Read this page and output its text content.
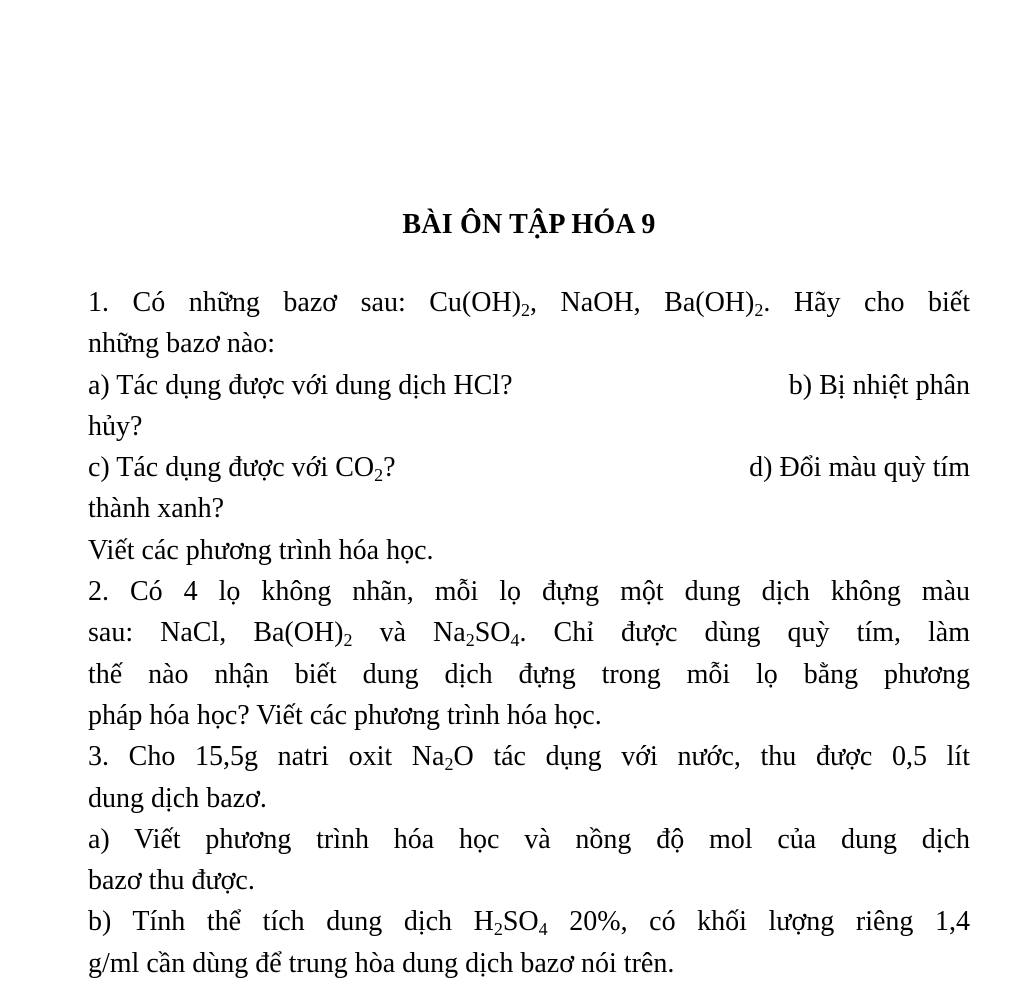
BÀI ÔN TẬP HÓA 9
1. Có những bazơ sau: $Cu(OH)_2$, NaOH, $Ba(OH)_2$. Hãy cho biết
những bazơ nào:
a) Tác dụng được với dung dịch HCl?	b) Bị nhiệt phân
hủy?
c) Tác dụng được với $CO_2$?	d) Đổi màu quỳ tím
thành xanh?
Viết các phương trình hóa học.
2. Có 4 lọ không nhãn, mỗi lọ đựng một dung dịch không màu
sau: NaCl, $Ba(OH)_2$ và $Na_2SO_4$. Chỉ được dùng quỳ tím, làm
thế nào nhận biết dung dịch đựng trong mỗi lọ bằng phương
pháp hóa học? Viết các phương trình hóa học.
3. Cho 15,5g natri oxit $Na_2O$ tác dụng với nước, thu được 0,5 lít
dung dịch bazơ.
a) Viết phương trình hóa học và nồng độ mol của dung dịch
bazơ thu được.
b) Tính thể tích dung dịch $H_2SO_4$ 20%, có khối lượng riêng 1,4
g/ml cần dùng để trung hòa dung dịch bazơ nói trên.
